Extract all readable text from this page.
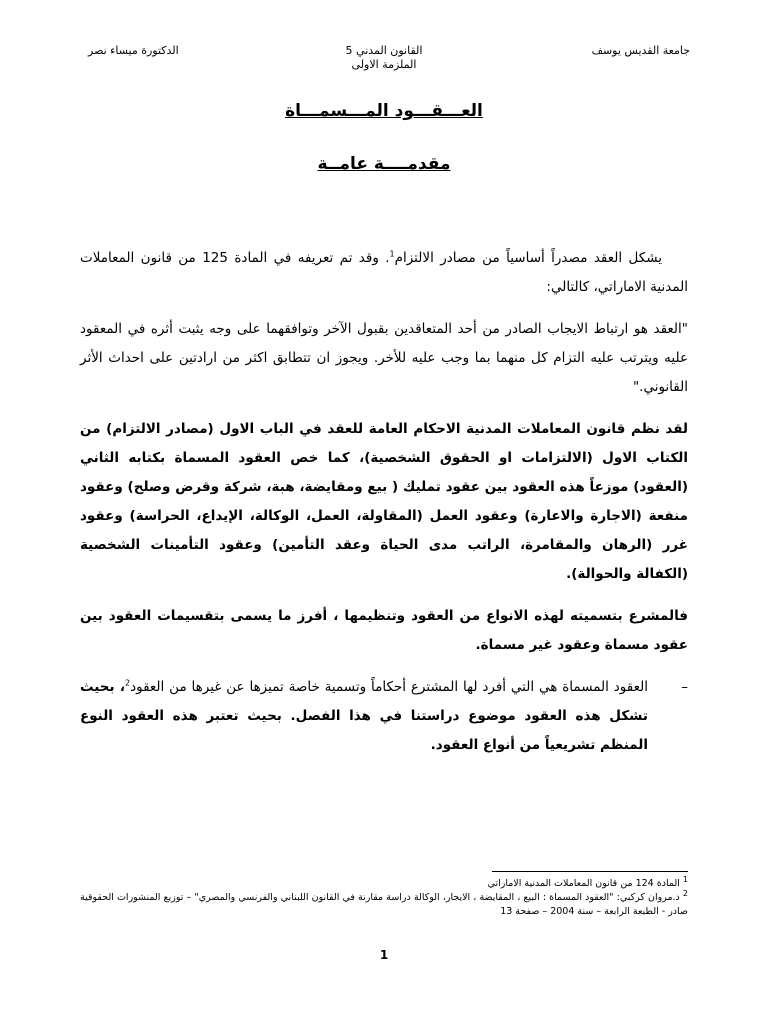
جامعة القديس يوسف
القانون المدني 5
الملزمة الاولى
الدكتورة ميساء نصر
العـــقـــود المـــسمـــاة
مقدمــــة عامــة

يشكل العقد مصدراً أساسياً من مصادر الالتزام$^1$. وقد تم تعريفه في المادة 125 من قانون المعاملات المدنية الاماراتي، كالتالي:

"العقد هو ارتباط الايجاب الصادر من أحد المتعاقدين بقبول الآخر وتوافقهما على وجه يثبت أثره في المعقود عليه ويترتب عليه التزام كل منهما بما وجب عليه للأخر. ويجوز ان تتطابق اكثر من ارادتين على احداث الأثر القانوني."

لقد نظم قانون المعاملات المدنية الاحكام العامة للعقد في الباب الاول (مصادر الالتزام) من الكتاب الاول (الالتزامات او الحقوق الشخصية)، كما خص العقود المسماة بكتابه الثاني (العقود) موزعاً هذه العقود بين عقود تمليك ( بيع ومقايضة، هبة، شركة وقرض وصلح) وعقود منفعة (الاجارة والاعارة) وعقود العمل (المقاولة، العمل، الوكالة، الإيداع، الحراسة) وعقود غرر (الرهان والمقامرة، الراتب مدى الحياة وعقد التأمين) وعقود التأمينات الشخصية (الكفالة والحوالة).

فالمشرع بتسميته لهذه الانواع من العقود وتنظيمها ، أفرز ما يسمى بتقسيمات العقود بين عقود مسماة وعقود غير مسماة.

–
العقود المسماة هي التي أفرد لها المشترع أحكاماً وتسمية خاصة تميزها عن غيرها من العقود$^2$، بحيث تشكل هذه العقود موضوع دراستنا في هذا الفصل. بحيث تعتبر هذه العقود النوع المنظم تشريعياً من أنواع العقود.

$^1$ المادة 124 من قانون المعاملات المدنية الاماراتي

$^2$ د.مروان كركبي: "العقود المسماة : البيع ، المقايضة ، الايجار، الوكالة دراسة مقارنة في القانون اللبناني والفرنسي والمصري" – توزيع المنشورات الحقوقية صادر - الطبعة الرابعة – سنة 2004 – صفحة 13

1
